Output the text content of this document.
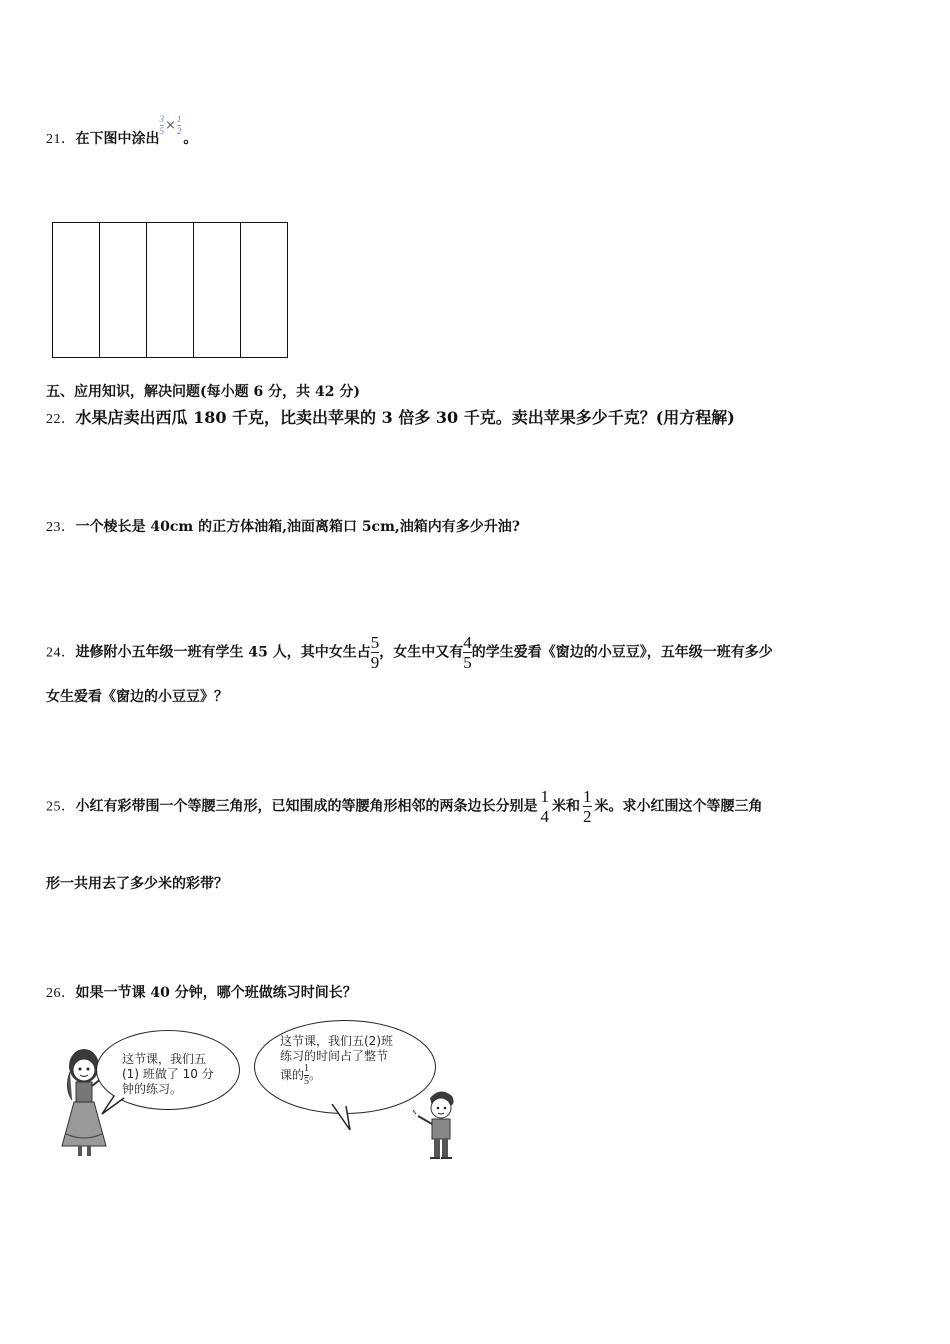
21．在下图中涂出
$\frac{3}{5} \times \frac{1}{2}$
。
五、应用知识，解决问题(每小题 6 分，共 42 分)
22．水果店卖出西瓜 180 千克，比卖出苹果的 3 倍多 30 千克。卖出苹果多少千克？(用方程解)
23．一个棱长是 40cm 的正方体油箱,油面离箱口 5cm,油箱内有多少升油?
24．进修附小五年级一班有学生 45 人，其中女生占 $\frac{5}{9}$ ，女生中又有 $\frac{4}{5}$ 的学生爱看《窗边的小豆豆》，五年级一班有多少
女生爱看《窗边的小豆豆》？
25．小红有彩带围一个等腰三角形，已知围成的等腰角形相邻的两条边长分别是
1
4
米和 $\frac{1}{2}$ 米。求小红围这个等腰三角
形一共用去了多少米的彩带？
26．如果一节课 40 分钟，哪个班做练习时间长？
这节课，我们五
(1) 班做了 10 分
钟的练习。
这节课，我们五(2)班
练习的时间占了整节
课的 $\frac{1}{5}$ 。
